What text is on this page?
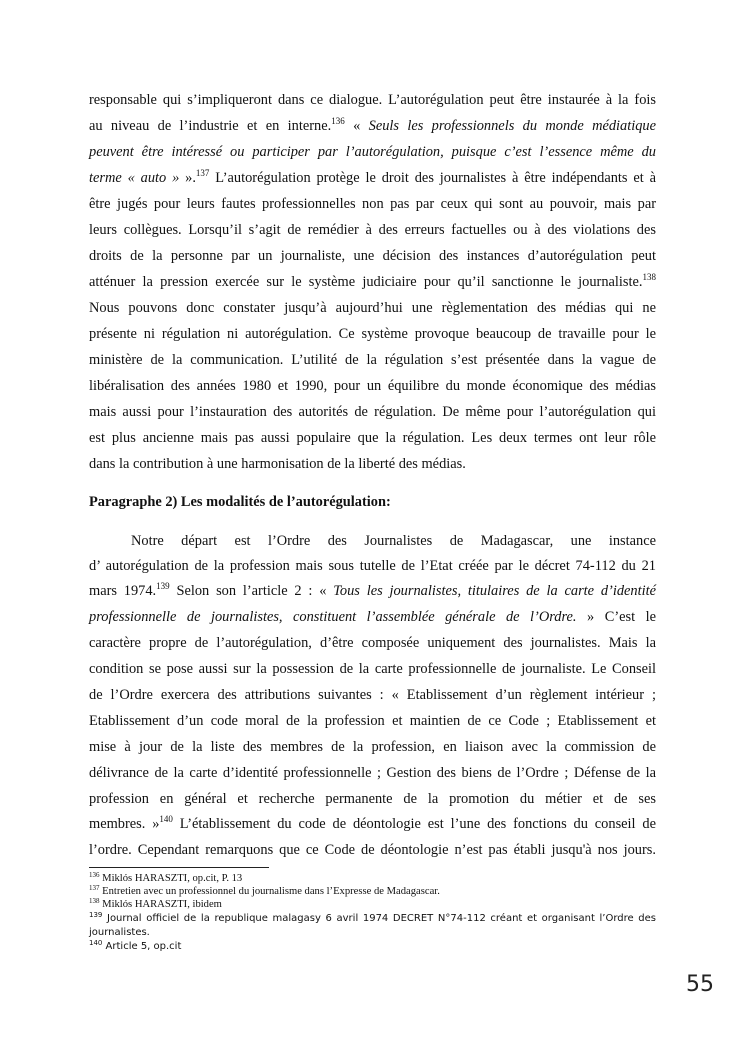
responsable qui s’impliqueront dans ce dialogue. L’autorégulation peut être instaurée à la fois
au niveau de l’industrie et en interne.$^{136}$ « Seuls les professionnels du monde médiatique
peuvent être intéressé ou participer par l’autorégulation, puisque c’est l’essence même du
terme « auto » ».$^{137}$ L’autorégulation protège le droit des journalistes à être indépendants et à
être jugés pour leurs fautes professionnelles non pas par ceux qui sont au pouvoir, mais par
leurs collègues. Lorsqu’il s’agit de remédier à des erreurs factuelles ou à des violations des
droits de la personne par un journaliste, une décision des instances d’autorégulation peut
atténuer la pression exercée sur le système judiciaire pour qu’il sanctionne le journaliste.$^{138}$
Nous pouvons donc constater jusqu’à aujourd’hui une règlementation des médias qui ne
présente ni régulation ni autorégulation. Ce système provoque beaucoup de travaille pour le
ministère de la communication. L’utilité de la régulation s’est présentée dans la vague de
libéralisation des années 1980 et 1990, pour un équilibre du monde économique des médias
mais aussi pour l’instauration des autorités de régulation. De même pour l’autorégulation qui
est plus ancienne mais pas aussi populaire que la régulation. Les deux termes ont leur rôle
dans la contribution à une harmonisation de la liberté des médias.
Paragraphe 2) Les modalités de l’autorégulation:
Notre départ est l’Ordre des Journalistes de Madagascar, une instance
d’ autorégulation de la profession mais sous tutelle de l’Etat créée par le décret 74-112 du 21
mars 1974.$^{139}$ Selon son l’article 2 : « Tous les journalistes, titulaires de la carte d’identité
professionnelle de journalistes, constituent l’assemblée générale de l’Ordre. » C’est le
caractère propre de l’autorégulation, d’être composée uniquement des journalistes. Mais la
condition se pose aussi sur la possession de la carte professionnelle de journaliste. Le Conseil
de l’Ordre exercera des attributions suivantes : « Etablissement d’un règlement intérieur ;
Etablissement d’un code moral de la profession et maintien de ce Code ; Etablissement et
mise à jour de la liste des membres de la profession, en liaison avec la commission de
délivrance de la carte d’identité professionnelle ; Gestion des biens de l’Ordre ; Défense de la
profession en général et recherche permanente de la promotion du métier et de ses
membres. »$^{140}$ L’établissement du code de déontologie est l’une des fonctions du conseil de
l’ordre. Cependant remarquons que ce Code de déontologie n’est pas établi jusqu'à nos jours.
$^{136}$ Miklós HARASZTI, op.cit, P. 13
$^{137}$ Entretien avec un professionnel du journalisme dans l’Expresse de Madagascar.
$^{138}$ Miklós HARASZTI, ibidem
$^{139}$ Journal officiel de la republique malagasy 6 avril 1974 DECRET N°74-112 créant et organisant l’Ordre des
journalistes.
$^{140}$ Article 5, op.cit
55
